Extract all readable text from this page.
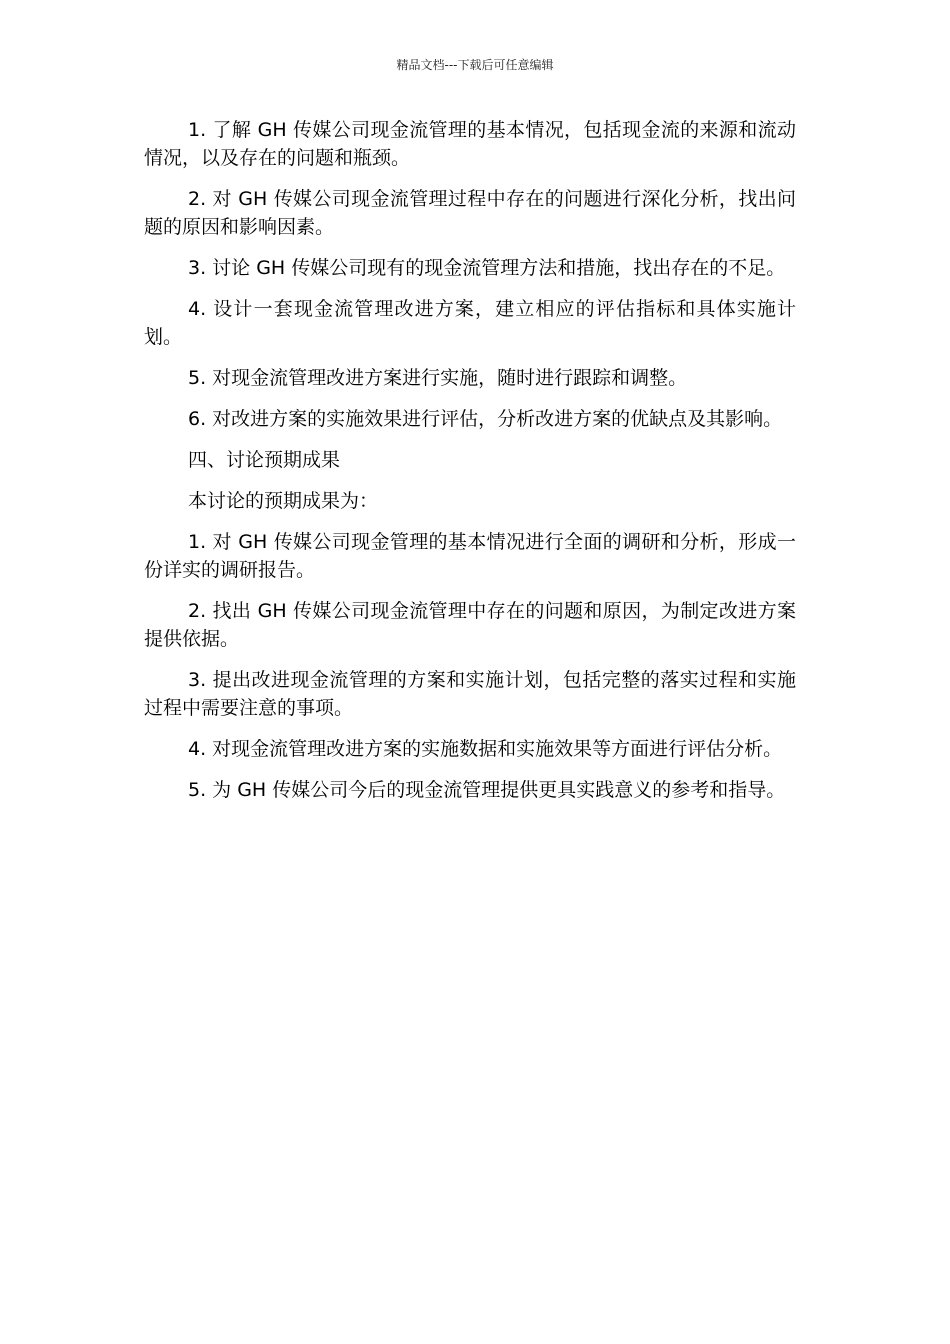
精品文档---下载后可任意编辑

1. 了解 GH 传媒公司现金流管理的基本情况，包括现金流的来源和流动情况，以及存在的问题和瓶颈。

2. 对 GH 传媒公司现金流管理过程中存在的问题进行深化分析，找出问题的原因和影响因素。

3. 讨论 GH 传媒公司现有的现金流管理方法和措施，找出存在的不足。

4. 设计一套现金流管理改进方案，建立相应的评估指标和具体实施计划。

5. 对现金流管理改进方案进行实施，随时进行跟踪和调整。

6. 对改进方案的实施效果进行评估，分析改进方案的优缺点及其影响。

四、讨论预期成果

本讨论的预期成果为：

1. 对 GH 传媒公司现金管理的基本情况进行全面的调研和分析，形成一份详实的调研报告。

2. 找出 GH 传媒公司现金流管理中存在的问题和原因，为制定改进方案提供依据。

3. 提出改进现金流管理的方案和实施计划，包括完整的落实过程和实施过程中需要注意的事项。

4. 对现金流管理改进方案的实施数据和实施效果等方面进行评估分析。

5. 为 GH 传媒公司今后的现金流管理提供更具实践意义的参考和指导。
